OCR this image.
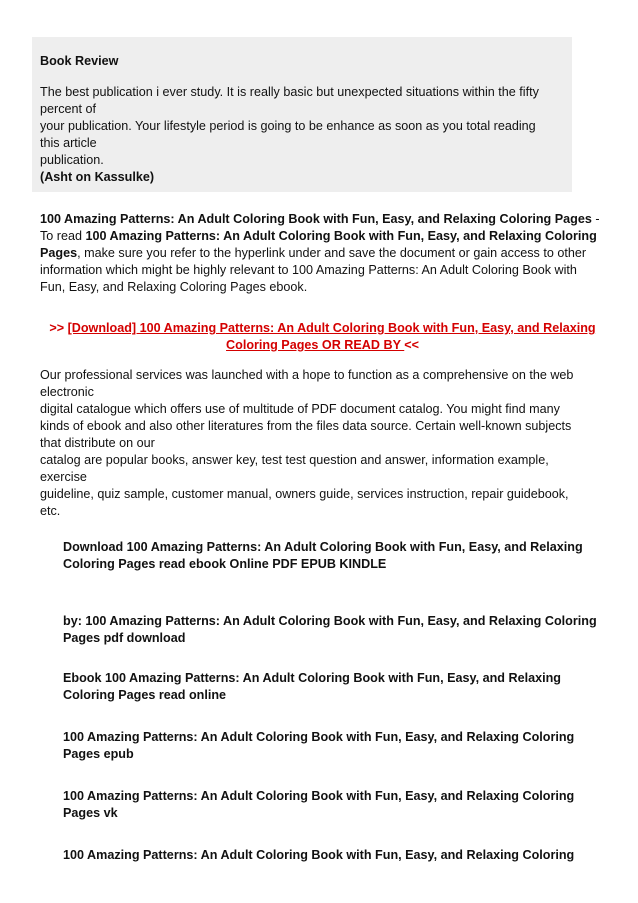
Book Review

The best publication i ever study. It is really basic but unexpected situations within the fifty
percent of
your publication. Your lifestyle period is going to be enhance as soon as you total reading
this article
publication.

(Asht on Kassulke)

100 Amazing Patterns: An Adult Coloring Book with Fun, Easy, and Relaxing Coloring Pages - To read 100 Amazing Patterns: An Adult Coloring Book with Fun, Easy, and Relaxing Coloring Pages, make sure you refer to the hyperlink under and save the document or gain access to other
information which might be highly relevant to 100 Amazing Patterns: An Adult Coloring Book with Fun, Easy, and Relaxing Coloring Pages ebook.

>> [Download] 100 Amazing Patterns: An Adult Coloring Book with Fun, Easy, and Relaxing Coloring Pages OR READ BY <<

Our professional services was launched with a hope to function as a comprehensive on the web
electronic
digital catalogue which offers use of multitude of PDF document catalog. You might find many
kinds of ebook and also other literatures from the files data source. Certain well-known subjects
that distribute on our
catalog are popular books, answer key, test test question and answer, information example,
exercise
guideline, quiz sample, customer manual, owners guide, services instruction, repair guidebook,
etc.

Download 100 Amazing Patterns: An Adult Coloring Book with Fun, Easy, and Relaxing Coloring Pages read ebook Online PDF EPUB KINDLE

by: 100 Amazing Patterns: An Adult Coloring Book with Fun, Easy, and Relaxing Coloring Pages pdf download

Ebook 100 Amazing Patterns: An Adult Coloring Book with Fun, Easy, and Relaxing Coloring Pages read online

100 Amazing Patterns: An Adult Coloring Book with Fun, Easy, and Relaxing Coloring Pages epub

100 Amazing Patterns: An Adult Coloring Book with Fun, Easy, and Relaxing Coloring Pages vk

100 Amazing Patterns: An Adult Coloring Book with Fun, Easy, and Relaxing Coloring
